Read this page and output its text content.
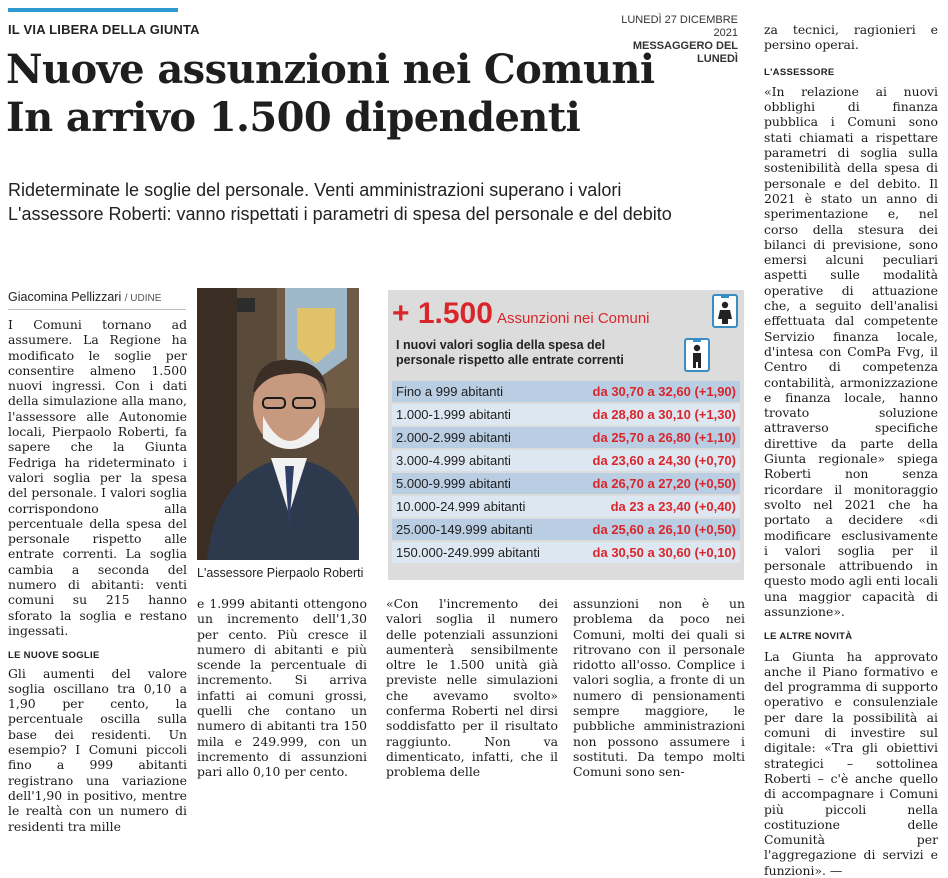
IL VIA LIBERA DELLA GIUNTA
LUNEDÌ 27 DICEMBRE 2021
MESSAGGERO DEL LUNEDÌ
Nuove assunzioni nei Comuni
In arrivo 1.500 dipendenti
Rideterminate le soglie del personale. Venti amministrazioni superano i valori
L'assessore Roberti: vanno rispettati i parametri di spesa del personale e del debito
Giacomina Pellizzari / UDINE

I Comuni tornano ad assumere. La Regione ha modificato le soglie per consentire almeno 1.500 nuovi ingressi. Con i dati della simulazione alla mano, l'assessore alle Autonomie locali, Pierpaolo Roberti, fa sapere che la Giunta Fedriga ha rideterminato i valori soglia per la spesa del personale. I valori soglia corrispondono alla percentuale della spesa del personale rispetto alle entrate correnti. La soglia cambia a seconda del numero di abitanti: venti comuni su 215 hanno sforato la soglia e restano ingessati.

LE NUOVE SOGLIE

Gli aumenti del valore soglia oscillano tra 0,10 a 1,90 per cento, la percentuale oscilla sulla base dei residenti. Un esempio? I Comuni piccoli fino a 999 abitanti registrano una variazione dell'1,90 in positivo, mentre le realtà con un numero di residenti tra mille

L'assessore Pierpaolo Roberti
+ 1.500 Assunzioni nei Comuni
I nuovi valori soglia della spesa del personale rispetto alle entrate correnti
Fino a 999 abitanti	da 30,70 a 32,60 (+1,90)
1.000-1.999 abitanti	da 28,80 a 30,10 (+1,30)
2.000-2.999 abitanti	da 25,70 a 26,80 (+1,10)
3.000-4.999 abitanti	da 23,60 a 24,30 (+0,70)
5.000-9.999 abitanti	da 26,70 a 27,20 (+0,50)
10.000-24.999 abitanti	da 23 a 23,40 (+0,40)
25.000-149.999 abitanti	da 25,60 a 26,10 (+0,50)
150.000-249.999 abitanti	da 30,50 a 30,60 (+0,10)

e 1.999 abitanti ottengono un incremento dell'1,30 per cento. Più cresce il numero di abitanti e più scende la percentuale di incremento. Si arriva infatti ai comuni grossi, quelli che contano un numero di abitanti tra 150 mila e 249.999, con un incremento di assunzioni pari allo 0,10 per cento.

«Con l'incremento dei valori soglia il numero delle potenziali assunzioni aumenterà sensibilmente oltre le 1.500 unità già previste nelle simulazioni che avevamo svolto» conferma Roberti nel dirsi soddisfatto per il risultato raggiunto. Non va dimenticato, infatti, che il problema delle

assunzioni non è un problema da poco nei Comuni, molti dei quali si ritrovano con il personale ridotto all'osso. Complice i valori soglia, a fronte di un numero di pensionamenti sempre maggiore, le pubbliche amministrazioni non possono assumere i sostituti. Da tempo molti Comuni sono sen-

za tecnici, ragionieri e persino operai.

L'ASSESSORE

«In relazione ai nuovi obblighi di finanza pubblica i Comuni sono stati chiamati a rispettare parametri di soglia sulla sostenibilità della spesa di personale e del debito. Il 2021 è stato un anno di sperimentazione e, nel corso della stesura dei bilanci di previsione, sono emersi alcuni peculiari aspetti sulle modalità operative di attuazione che, a seguito dell'analisi effettuata dal competente Servizio finanza locale, d'intesa con ComPa Fvg, il Centro di competenza contabilità, armonizzazione e finanza locale, hanno trovato soluzione attraverso specifiche direttive da parte della Giunta regionale» spiega Roberti non senza ricordare il monitoraggio svolto nel 2021 che ha portato a decidere «di modificare esclusivamente i valori soglia per il personale attribuendo in questo modo agli enti locali una maggior capacità di assunzione».

LE ALTRE NOVITÀ

La Giunta ha approvato anche il Piano formativo e del programma di supporto operativo e consulenziale per dare la possibilità ai comuni di investire sul digitale: «Tra gli obiettivi strategici – sottolinea Roberti – c'è anche quello di accompagnare i Comuni più piccoli nella costituzione delle Comunità per l'aggregazione di servizi e funzioni». —
